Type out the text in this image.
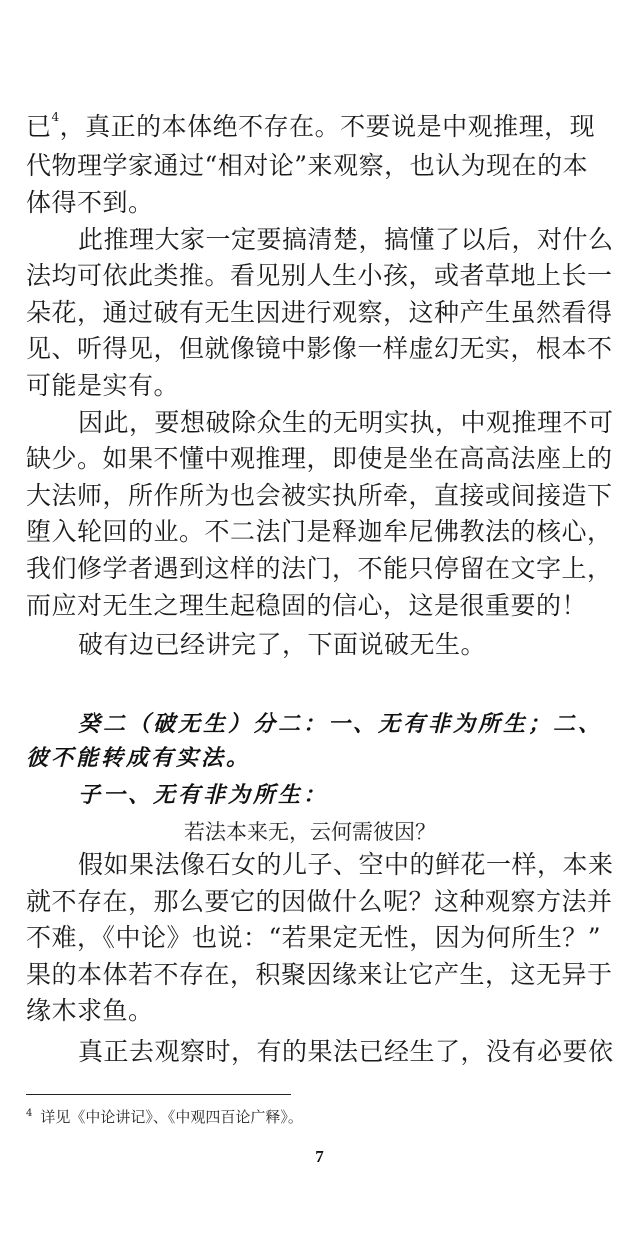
已$^4$，真正的本体绝不存在。不要说是中观推理，现
代物理学家通过“相对论”来观察，也认为现在的本
体得不到。
此推理大家一定要搞清楚，搞懂了以后，对什么
法均可依此类推。看见别人生小孩，或者草地上长一
朵花，通过破有无生因进行观察，这种产生虽然看得
见、听得见，但就像镜中影像一样虚幻无实，根本不
可能是实有。
因此，要想破除众生的无明实执，中观推理不可
缺少。如果不懂中观推理，即使是坐在高高法座上的
大法师，所作所为也会被实执所牵，直接或间接造下
堕入轮回的业。不二法门是释迦牟尼佛教法的核心，
我们修学者遇到这样的法门，不能只停留在文字上，
而应对无生之理生起稳固的信心，这是很重要的！
破有边已经讲完了，下面说破无生。
癸二（破无生）分二：一、无有非为所生；二、
彼不能转成有实法。
子一、无有非为所生：
若法本来无，云何需彼因？
假如果法像石女的儿子、空中的鲜花一样，本来
就不存在，那么要它的因做什么呢？这种观察方法并
不难，《中论》也说：“若果定无性，因为何所生？”
果的本体若不存在，积聚因缘来让它产生，这无异于
缘木求鱼。
真正去观察时，有的果法已经生了，没有必要依
$^4$ 详见《中论讲记》、《中观四百论广释》。
7
